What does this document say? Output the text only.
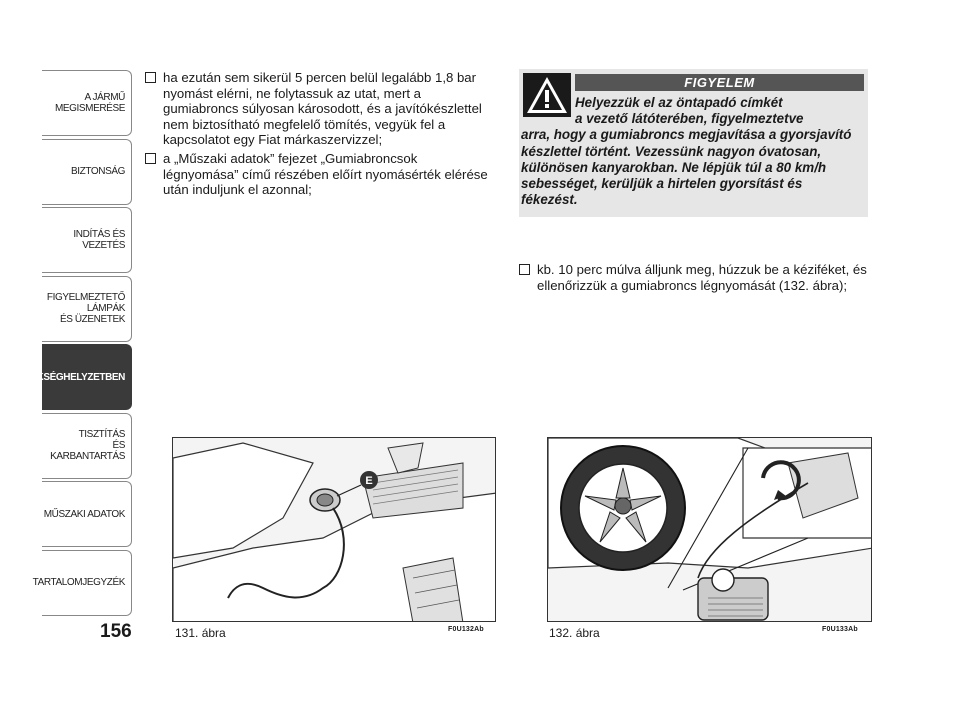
A JÁRMŰ
MEGISMERÉSE
BIZTONSÁG
INDÍTÁS ÉS VEZETÉS
FIGYELMEZTETŐ
LÁMPÁK
ÉS ÜZENETEK
SZÜKSÉGHELYZETBEN
TISZTÍTÁS
ÉS KARBANTARTÁS
MŰSZAKI ADATOK
TARTALOMJEGYZÉK
156
ha ezután sem sikerül 5 percen belül legalább 1,8 bar nyomást elérni, ne folytassuk az utat, mert a gumiabroncs súlyosan károsodott, és a javítókészlettel nem biztosítható megfelelő tömítés, vegyük fel a kapcsolatot egy Fiat márkaszervizzel;
a „Műszaki adatok” fejezet „Gumiabroncsok légnyomása” című részében előírt nyomásérték elérése után induljunk el azonnal;
FIGYELEM
Helyezzük el az öntapadó címkét
a vezető látóterében, figyelmeztetve
arra, hogy a gumiabroncs megjavítása a gyorsjavító készlettel történt. Vezessünk nagyon óvatosan, különösen kanyarokban. Ne lépjük túl a 80 km/h sebességet, kerüljük a hirtelen gyorsítást és fékezést.
kb. 10 perc múlva álljunk meg, húzzuk be a kéziféket, és ellenőrizzük a gumiabroncs légnyomását (132. ábra);
E
131. ábra	F0U132Ab	132. ábra	F0U133Ab
